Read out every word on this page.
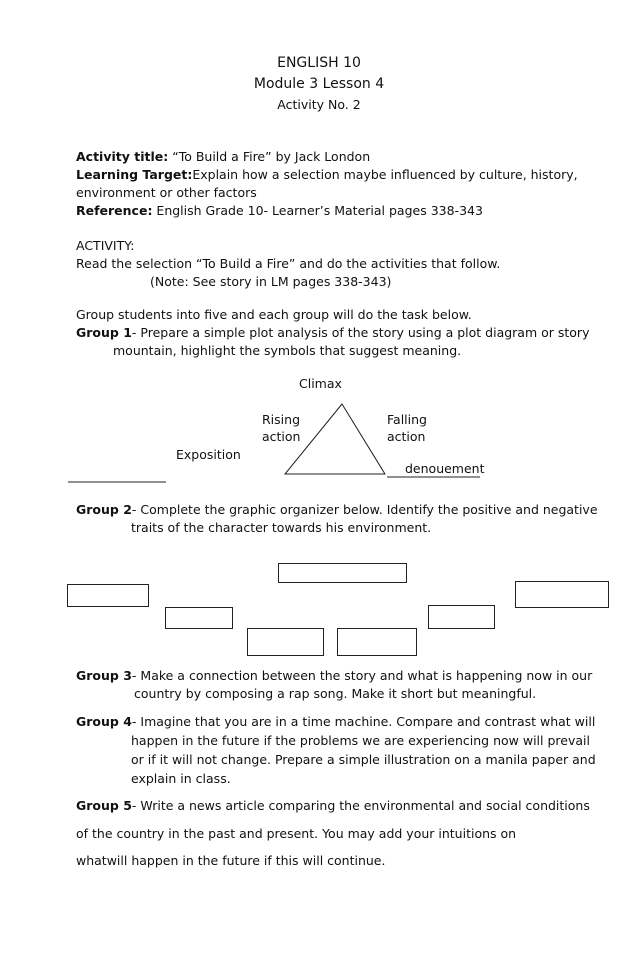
ENGLISH 10
Module 3 Lesson 4
Activity No. 2
Activity title: “To Build a Fire” by Jack London
Learning Target:Explain how a selection maybe influenced by culture, history,
environment or other factors
Reference: English Grade 10- Learner’s Material pages 338-343
ACTIVITY:
Read the selection “To Build a Fire” and do the activities that follow.
(Note: See story in LM pages 338-343)
Group students into five and each group will do the task below.
Group 1- Prepare a simple plot analysis of the story using a plot diagram or story
mountain, highlight the symbols that suggest meaning.
Climax
Rising
action
Falling
action
Exposition
denouement
Group 2- Complete the graphic organizer below. Identify the positive and negative
traits of the character towards his environment.
Group 3- Make a connection between the story and what is happening now in our
country by composing a rap song. Make it short but meaningful.
Group 4- Imagine that you are in a time machine. Compare and contrast what will
happen in the future if the problems we are experiencing now will prevail
or if it will not change. Prepare a simple illustration on a manila paper and
explain in class.
Group 5- Write a news article comparing the environmental and social conditions
of the country in the past and present. You may add your intuitions on
whatwill happen in the future if this will continue.
